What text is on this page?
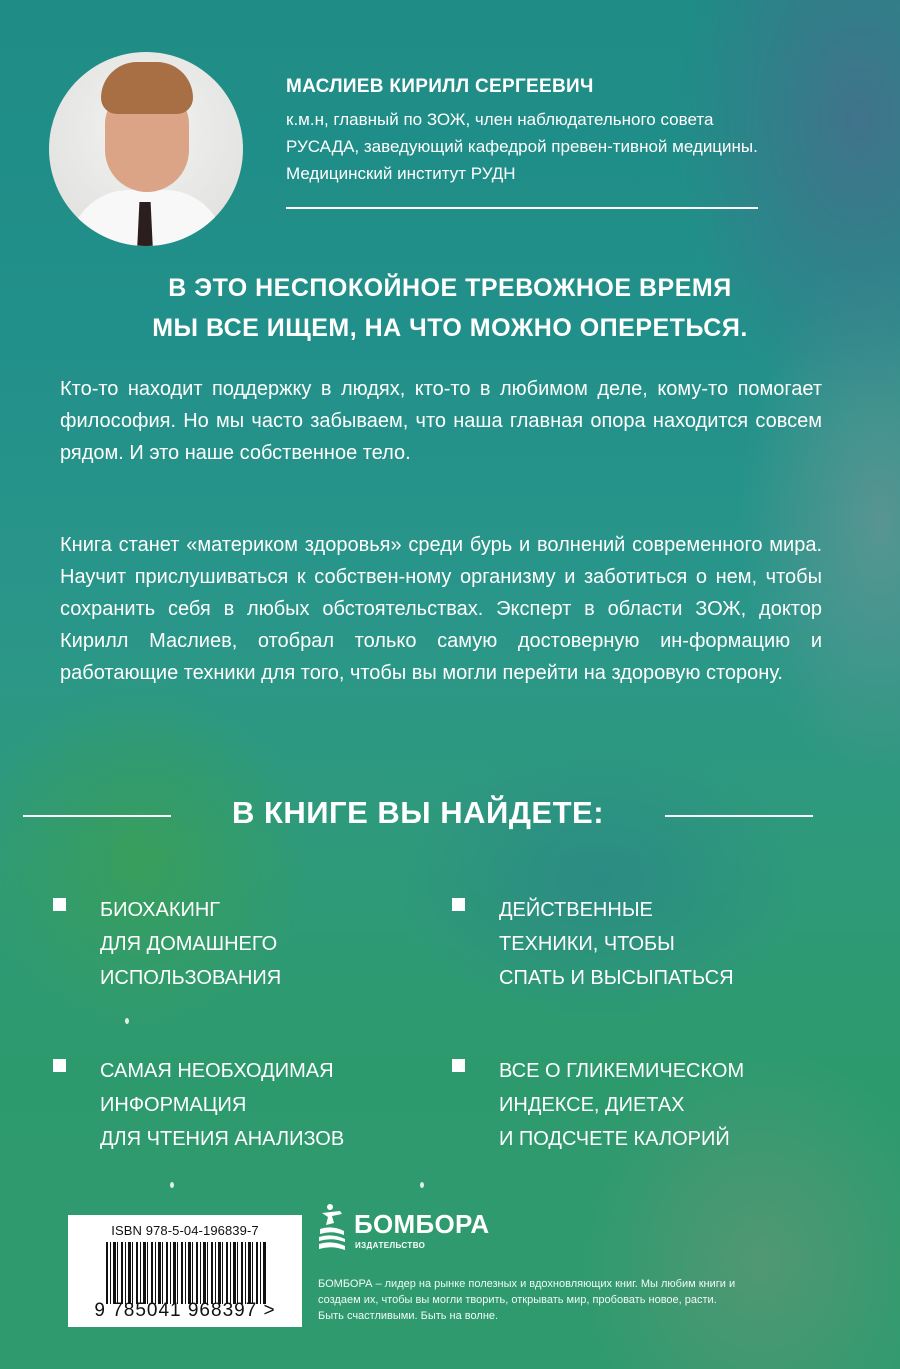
МАСЛИЕВ КИРИЛЛ СЕРГЕЕВИЧ
к.м.н, главный по ЗОЖ, член наблюдательного совета РУСАДА, заведующий кафедрой превен-тивной медицины. Медицинский институт РУДН
В ЭТО НЕСПОКОЙНОЕ ТРЕВОЖНОЕ ВРЕМЯ
МЫ ВСЕ ИЩЕМ, НА ЧТО МОЖНО ОПЕРЕТЬСЯ.
Кто-то находит поддержку в людях, кто-то в любимом деле, кому-то помогает философия. Но мы часто забываем, что наша главная опора находится совсем рядом. И это наше собственное тело.
Книга станет «материком здоровья» среди бурь и волнений современного мира. Научит прислушиваться к собствен-ному организму и заботиться о нем, чтобы сохранить себя в любых обстоятельствах. Эксперт в области ЗОЖ, доктор Кирилл Маслиев, отобрал только самую достоверную ин-формацию и работающие техники для того, чтобы вы могли перейти на здоровую сторону.
В КНИГЕ ВЫ НАЙДЕТЕ:
БИОХАКИНГ
ДЛЯ ДОМАШНЕГО
ИСПОЛЬЗОВАНИЯ
ДЕЙСТВЕННЫЕ
ТЕХНИКИ, ЧТОБЫ
СПАТЬ И ВЫСЫПАТЬСЯ
САМАЯ НЕОБХОДИМАЯ
ИНФОРМАЦИЯ
ДЛЯ ЧТЕНИЯ АНАЛИЗОВ
ВСЕ О ГЛИКЕМИЧЕСКОМ
ИНДЕКСЕ, ДИЕТАХ
И ПОДСЧЕТЕ КАЛОРИЙ
ISBN 978-5-04-196839-7
9 785041 968397 >
БОМБОРА
ИЗДАТЕЛЬСТВО
БОМБОРА – лидер на рынке полезных и вдохновляющих книг. Мы любим книги и создаем их, чтобы вы могли творить, открывать мир, пробовать новое, расти. Быть счастливыми. Быть на волне.
